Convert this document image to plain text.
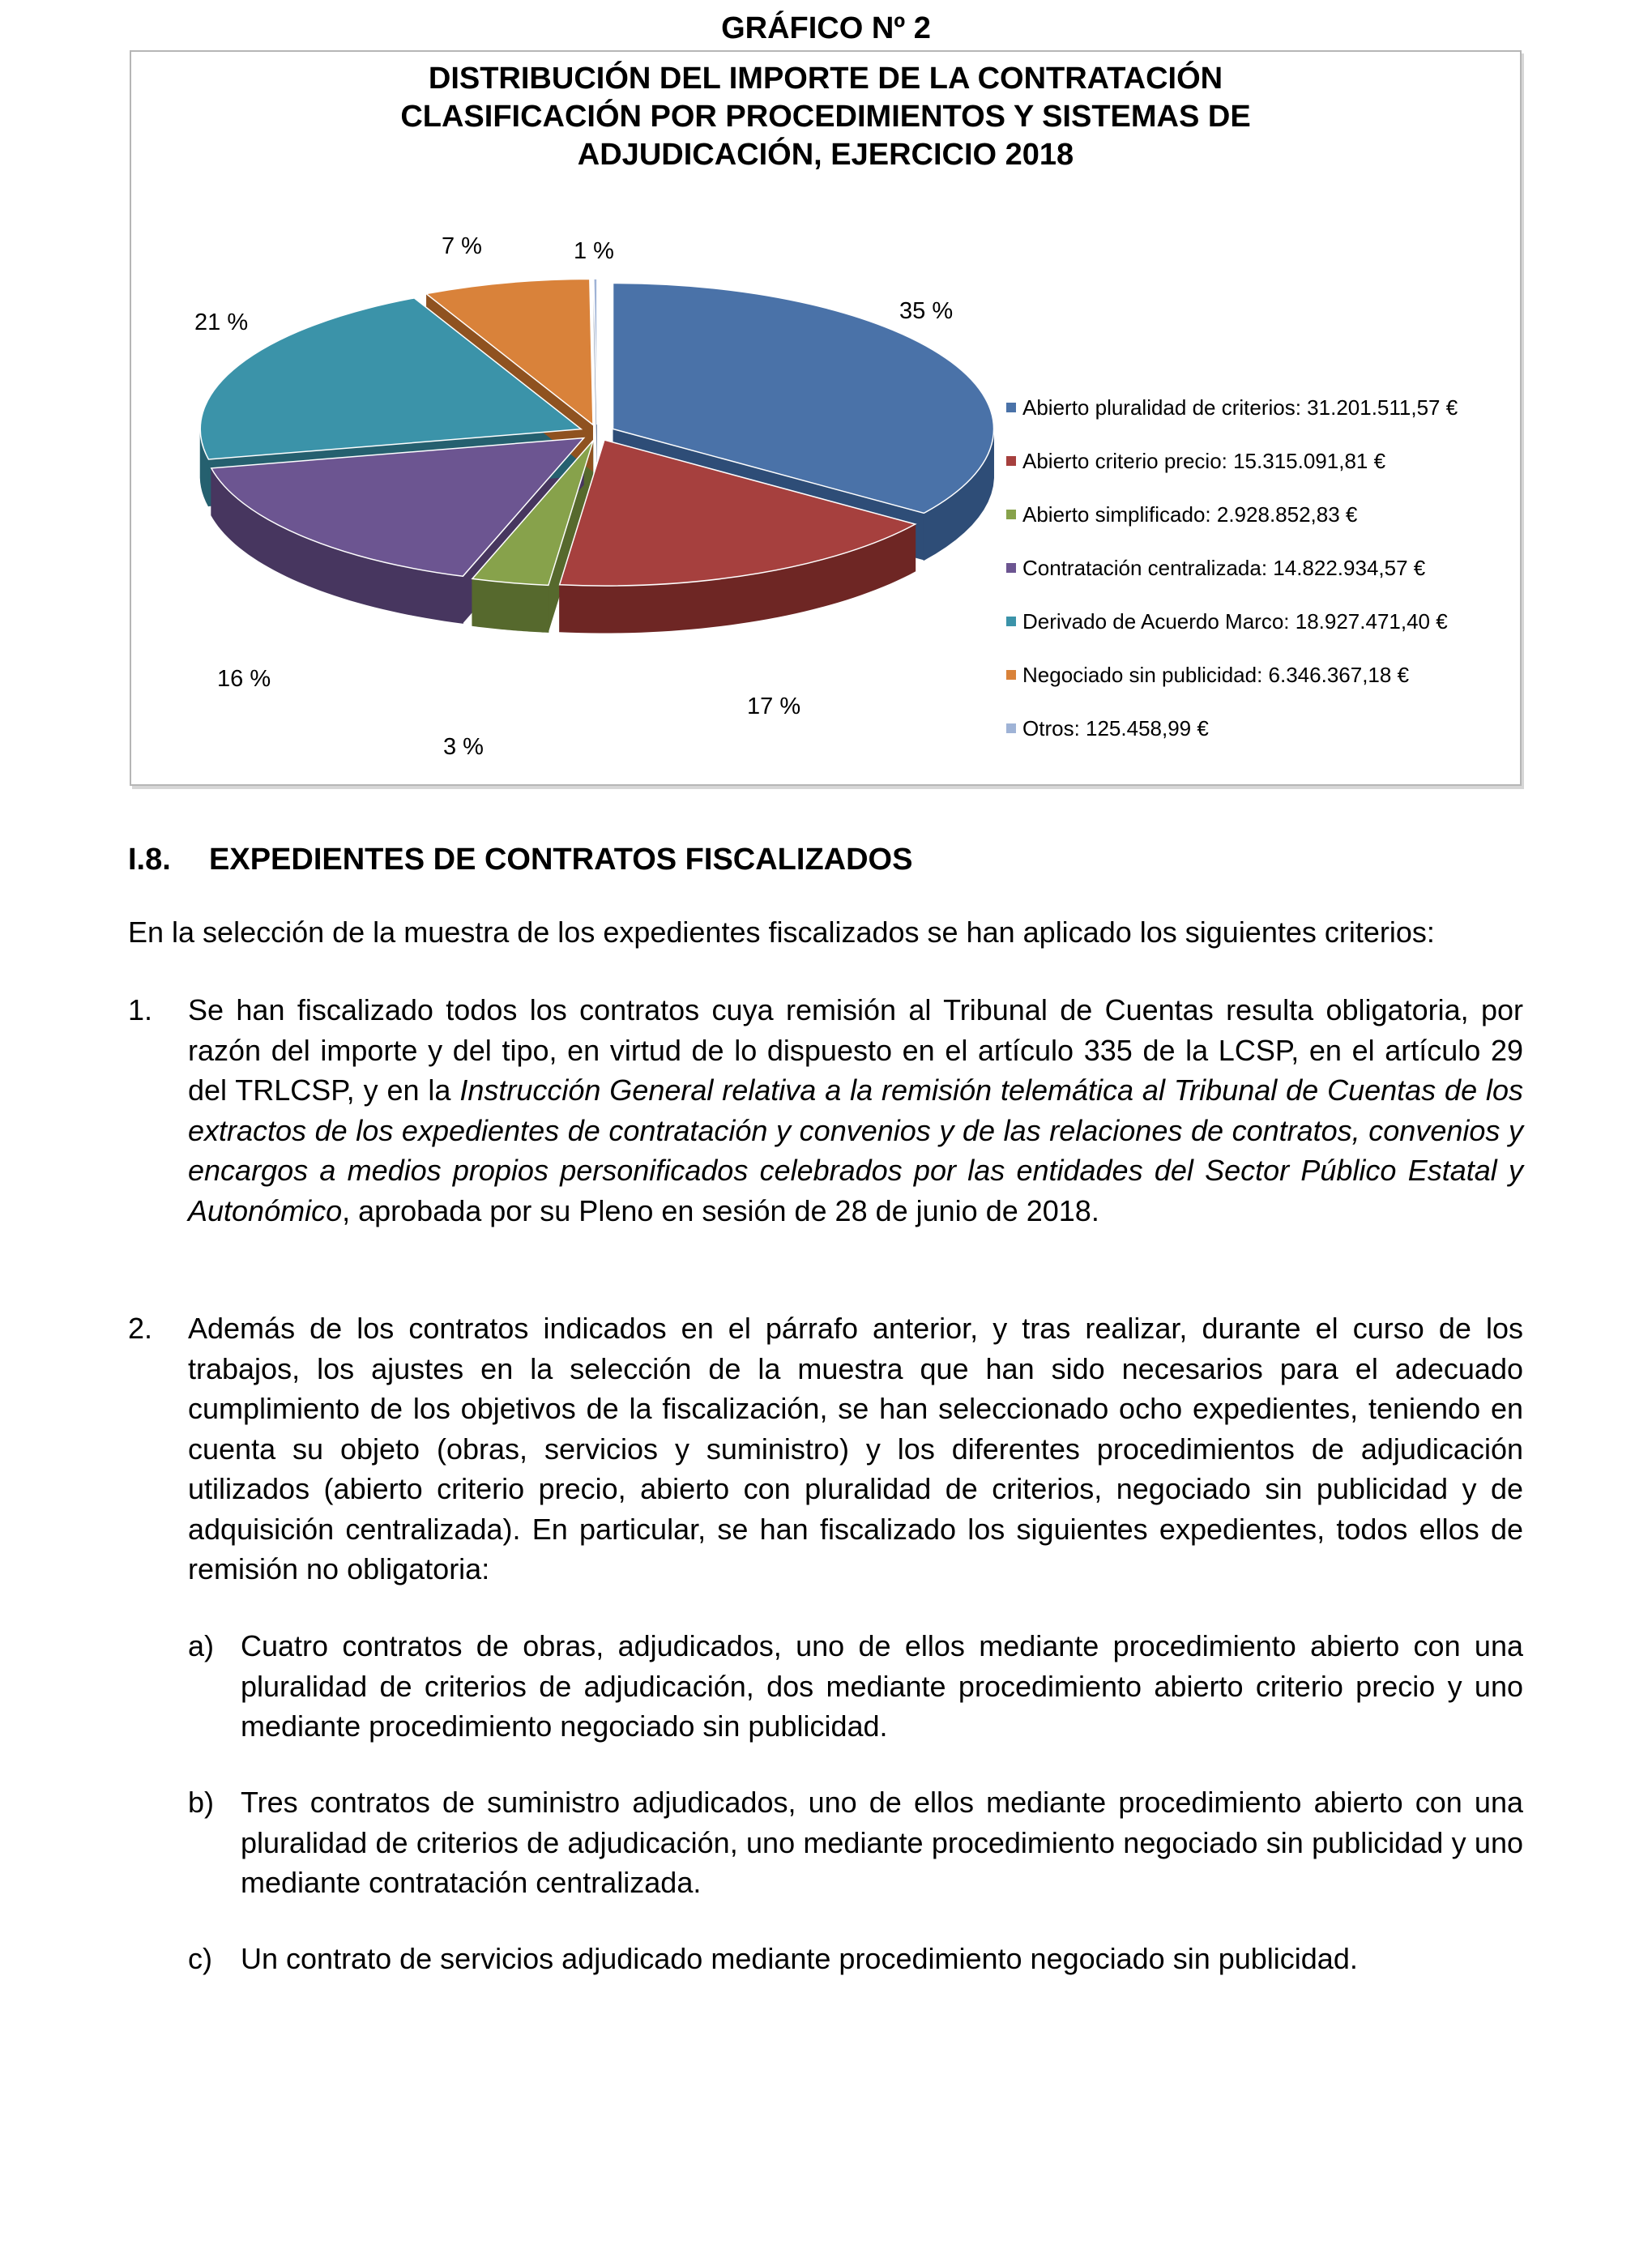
GRÁFICO Nº 2
DISTRIBUCIÓN DEL IMPORTE DE LA CONTRATACIÓN
CLASIFICACIÓN POR PROCEDIMIENTOS Y SISTEMAS DE
ADJUDICACIÓN, EJERCICIO 2018
35 %
17 %
3 %
16 %
21 %
7 %	1 %
Abierto pluralidad de criterios: 31.201.511,57 €
Abierto criterio precio: 15.315.091,81 €
Abierto simplificado: 2.928.852,83 €
Contratación centralizada: 14.822.934,57 €
Derivado de Acuerdo Marco: 18.927.471,40 €
Negociado sin publicidad: 6.346.367,18 €
Otros: 125.458,99 €
I.8. EXPEDIENTES DE CONTRATOS FISCALIZADOS
En la selección de la muestra de los expedientes fiscalizados se han aplicado los siguientes criterios:
1. Se han fiscalizado todos los contratos cuya remisión al Tribunal de Cuentas resulta obligatoria, por razón del importe y del tipo, en virtud de lo dispuesto en el artículo 335 de la LCSP, en el artículo 29 del TRLCSP, y en la Instrucción General relativa a la remisión telemática al Tribunal de Cuentas de los extractos de los expedientes de contratación y convenios y de las relaciones de contratos, convenios y encargos a medios propios personificados celebrados por las entidades del Sector Público Estatal y Autonómico, aprobada por su Pleno en sesión de 28 de junio de 2018.
2. Además de los contratos indicados en el párrafo anterior, y tras realizar, durante el curso de los trabajos, los ajustes en la selección de la muestra que han sido necesarios para el adecuado cumplimiento de los objetivos de la fiscalización, se han seleccionado ocho expedientes, teniendo en cuenta su objeto (obras, servicios y suministro) y los diferentes procedimientos de adjudicación utilizados (abierto criterio precio, abierto con pluralidad de criterios, negociado sin publicidad y de adquisición centralizada). En particular, se han fiscalizado los siguientes expedientes, todos ellos de remisión no obligatoria:
a) Cuatro contratos de obras, adjudicados, uno de ellos mediante procedimiento abierto con una pluralidad de criterios de adjudicación, dos mediante procedimiento abierto criterio precio y uno mediante procedimiento negociado sin publicidad.
b) Tres contratos de suministro adjudicados, uno de ellos mediante procedimiento abierto con una pluralidad de criterios de adjudicación, uno mediante procedimiento negociado sin publicidad y uno mediante contratación centralizada.
c) Un contrato de servicios adjudicado mediante procedimiento negociado sin publicidad.
